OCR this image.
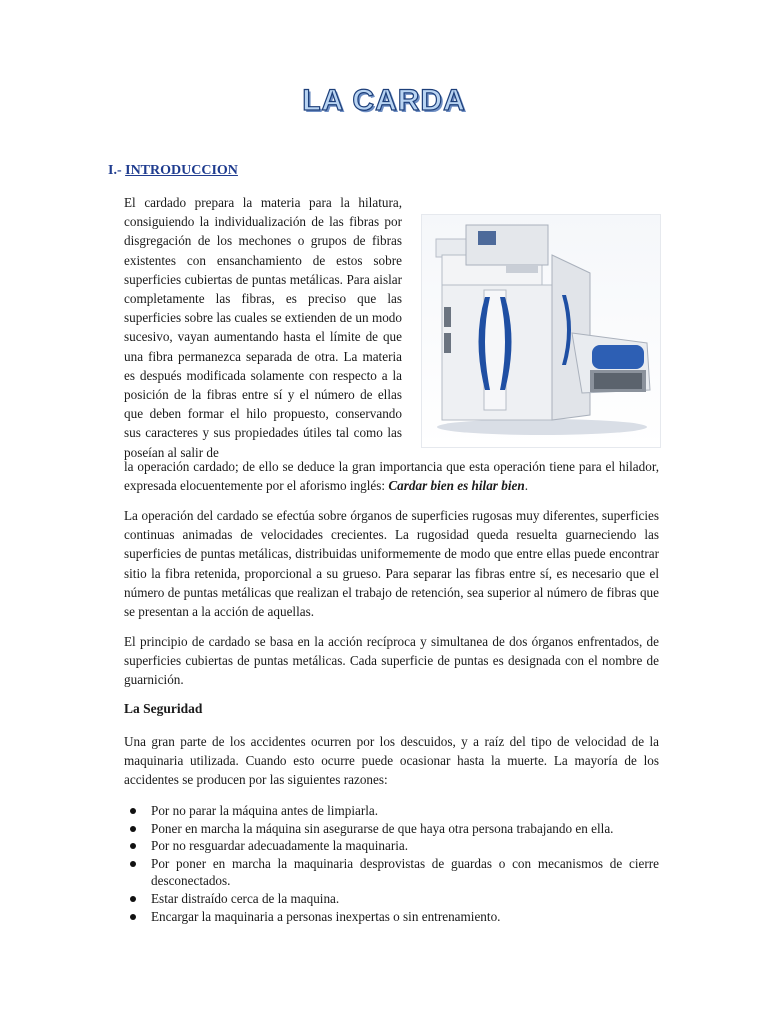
LA CARDA
I.- INTRODUCCION

El cardado prepara la materia para la hilatura, consiguiendo la individualización de las fibras por disgregación de los mechones o grupos de fibras existentes con ensanchamiento de estos sobre superficies cubiertas de puntas metálicas. Para aislar completamente las fibras, es preciso que las superficies sobre las cuales se extienden de un modo sucesivo, vayan aumentando hasta el límite de que una fibra permanezca separada de otra. La materia es después modificada solamente con respecto a la posición de la fibras entre sí y el número de ellas que deben formar el hilo propuesto, conservando sus caracteres y sus propiedades útiles tal como las poseían al salir de

la operación cardado; de ello se deduce la gran importancia que esta operación tiene para el hilador, expresada elocuentemente por el aforismo inglés: Cardar bien es hilar bien.

La operación del cardado se efectúa sobre órganos de superficies rugosas muy diferentes, superficies continuas animadas de velocidades crecientes. La rugosidad queda resuelta guarneciendo las superficies de puntas metálicas, distribuidas uniformemente de modo que entre ellas puede encontrar sitio la fibra retenida, proporcional a su grueso. Para separar las fibras entre sí, es necesario que el número de puntas metálicas que realizan el trabajo de retención, sea superior al número de fibras que se presentan a la acción de aquellas.

El principio de cardado se basa en la acción recíproca y simultanea de dos órganos enfrentados, de superficies cubiertas de puntas metálicas. Cada superficie de puntas es designada con el nombre de guarnición.

La Seguridad

Una gran parte de los accidentes ocurren por los descuidos, y a raíz del tipo de velocidad de la maquinaria utilizada. Cuando esto ocurre puede ocasionar hasta la muerte. La mayoría de los accidentes se producen por las siguientes razones:

Por no parar la máquina antes de limpiarla.
Poner en marcha la máquina sin asegurarse de que haya otra persona trabajando en ella.
Por no resguardar adecuadamente la maquinaria.
Por poner en marcha la maquinaria desprovistas de guardas o con mecanismos de cierre desconectados.
Estar distraído cerca de la maquina.
Encargar la maquinaria a personas inexpertas o sin entrenamiento.
